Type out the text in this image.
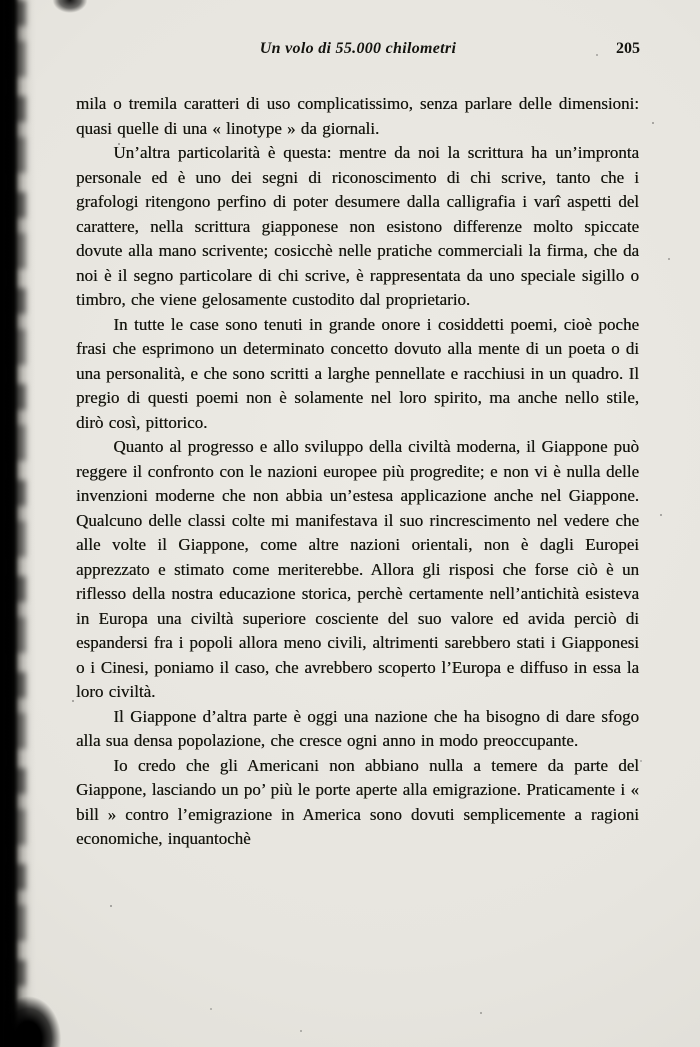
Un volo di 55.000 chilometri	205

mila o tremila caratteri di uso complicatissimo, senza parlare delle dimensioni: quasi quelle di una « linotype » da giornali.

Un’altra particolarità è questa: mentre da noi la scrittura ha un’impronta personale ed è uno dei segni di riconoscimento di chi scrive, tanto che i grafologi ritengono perfino di poter desumere dalla calligrafia i varî aspetti del carattere, nella scrittura giapponese non esistono differenze molto spiccate dovute alla mano scrivente; cosicchè nelle pratiche commerciali la firma, che da noi è il segno particolare di chi scrive, è rappresentata da uno speciale sigillo o timbro, che viene gelosamente custodito dal proprietario.

In tutte le case sono tenuti in grande onore i cosiddetti poemi, cioè poche frasi che esprimono un determinato concetto dovuto alla mente di un poeta o di una personalità, e che sono scritti a larghe pennellate e racchiusi in un quadro. Il pregio di questi poemi non è solamente nel loro spirito, ma anche nello stile, dirò così, pittorico.

Quanto al progresso e allo sviluppo della civiltà moderna, il Giappone può reggere il confronto con le nazioni europee più progredite; e non vi è nulla delle invenzioni moderne che non abbia un’estesa applicazione anche nel Giappone. Qualcuno delle classi colte mi manifestava il suo rincrescimento nel vedere che alle volte il Giappone, come altre nazioni orientali, non è dagli Europei apprezzato e stimato come meriterebbe. Allora gli risposi che forse ciò è un riflesso della nostra educazione storica, perchè certamente nell’antichità esisteva in Europa una civiltà superiore cosciente del suo valore ed avida perciò di espandersi fra i popoli allora meno civili, altrimenti sarebbero stati i Giapponesi o i Cinesi, poniamo il caso, che avrebbero scoperto l’Europa e diffuso in essa la loro civiltà.

Il Giappone d’altra parte è oggi una nazione che ha bisogno di dare sfogo alla sua densa popolazione, che cresce ogni anno in modo preoccupante.

Io credo che gli Americani non abbiano nulla a temere da parte del Giappone, lasciando un po’ più le porte aperte alla emigrazione. Praticamente i « bill » contro l’emigrazione in America sono dovuti semplicemente a ragioni economiche, inquantochè
